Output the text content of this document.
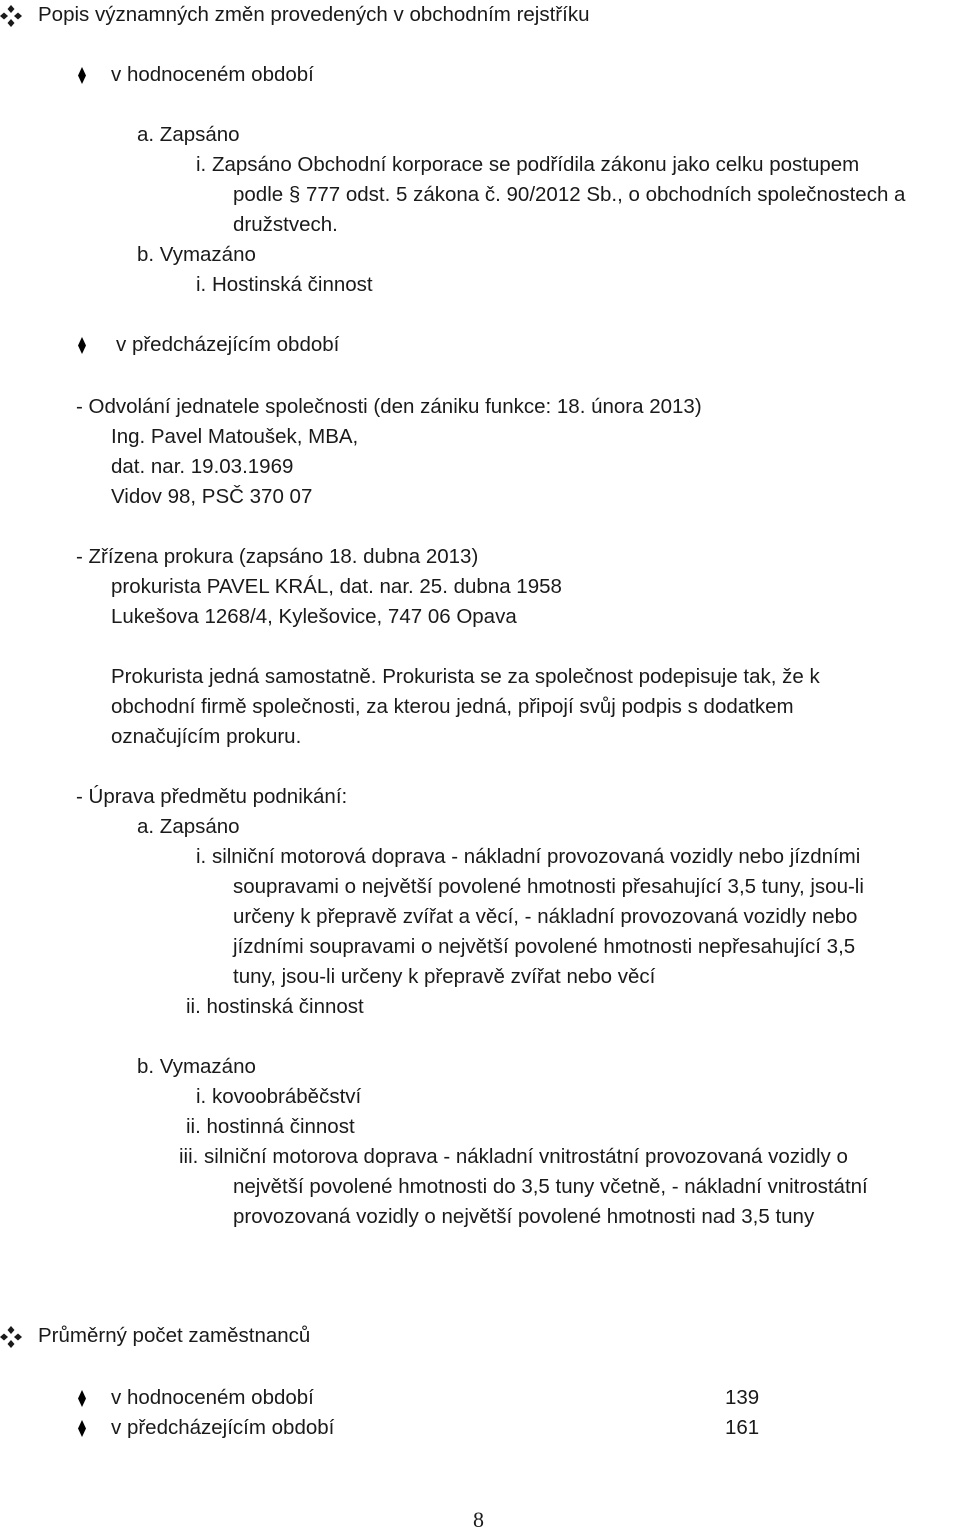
Popis významných změn provedených v obchodním rejstříku
v hodnoceném období
a. Zapsáno
i. Zapsáno Obchodní korporace se podřídila zákonu jako celku postupem
podle § 777 odst. 5 zákona č. 90/2012 Sb., o obchodních společnostech a
družstvech.
b. Vymazáno
i. Hostinská činnost
v předcházejícím období
- Odvolání jednatele společnosti (den zániku funkce: 18. února 2013)
Ing. Pavel Matoušek, MBA,
dat. nar. 19.03.1969
Vidov 98, PSČ 370 07
- Zřízena prokura (zapsáno 18. dubna 2013)
prokurista PAVEL KRÁL, dat. nar. 25. dubna 1958
Lukešova 1268/4, Kylešovice, 747 06 Opava
Prokurista jedná samostatně. Prokurista se za společnost podepisuje tak, že k
obchodní firmě společnosti, za kterou jedná, připojí svůj podpis s dodatkem
označujícím prokuru.
- Úprava předmětu podnikání:
a. Zapsáno
i. silniční motorová doprava - nákladní provozovaná vozidly nebo jízdními
soupravami o největší povolené hmotnosti přesahující 3,5 tuny, jsou-li
určeny k přepravě zvířat a věcí, - nákladní provozovaná vozidly nebo
jízdními soupravami o největší povolené hmotnosti nepřesahující 3,5
tuny, jsou-li určeny k přepravě zvířat nebo věcí
ii. hostinská činnost
b. Vymazáno
i. kovoobráběčství
ii. hostinná činnost
iii. silniční motorova doprava - nákladní vnitrostátní provozovaná vozidly o
největší povolené hmotnosti do 3,5 tuny včetně, - nákladní vnitrostátní
provozovaná vozidly o největší povolené hmotnosti nad 3,5 tuny
Průměrný počet zaměstnanců
v hodnoceném období	139
v předcházejícím období	161
8
